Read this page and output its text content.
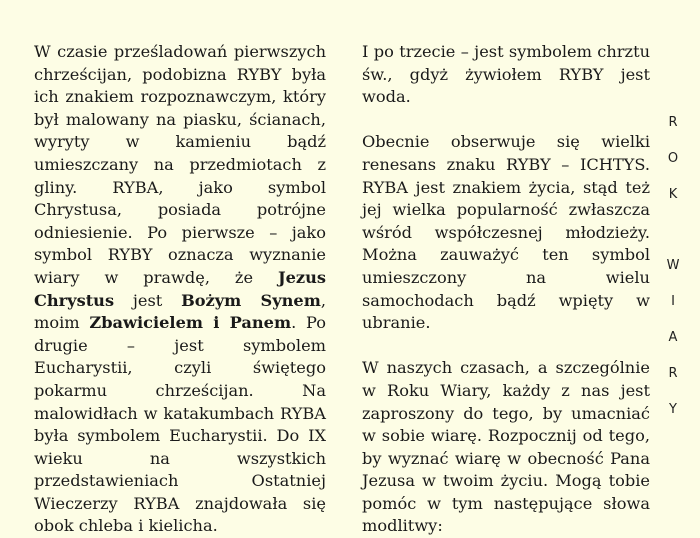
W czasie prześladowań pierwszych chrześcijan, podobizna RYBY była ich znakiem rozpoznawczym, który był malowany na piasku, ścianach, wyryty w kamieniu bądź umieszczany na przedmiotach z gliny. RYBA, jako symbol Chrystusa, posiada potrójne odniesienie. Po pierwsze – jako symbol RYBY oznacza wyznanie wiary w prawdę, że Jezus Chrystus jest Bożym Synem, moim Zbawicielem i Panem. Po drugie – jest symbolem Eucharystii, czyli świętego pokarmu chrześcijan. Na malowidłach w katakumbach RYBA była symbolem Eucharystii. Do IX wieku na wszystkich przedstawieniach Ostatniej Wieczerzy RYBA znajdowała się obok chleba i kielicha.

I po trzecie – jest symbolem chrztu św., gdyż żywiołem RYBY jest woda.

Obecnie obserwuje się wielki renesans znaku RYBY – ICHTYS. RYBA jest znakiem życia, stąd też jej wielka popularność zwłaszcza wśród współczesnej młodzieży. Można zauważyć ten symbol umieszczony na wielu samochodach bądź wpięty w ubranie.

W naszych czasach, a szczególnie w Roku Wiary, każdy z nas jest zaproszony do tego, by umacniać w sobie wiarę. Rozpocznij od tego, by wyznać wiarę w obecność Pana Jezusa w twoim życiu. Mogą tobie pomóc w tym następujące słowa modlitwy:

R
O
K
W
I
A
R
Y
